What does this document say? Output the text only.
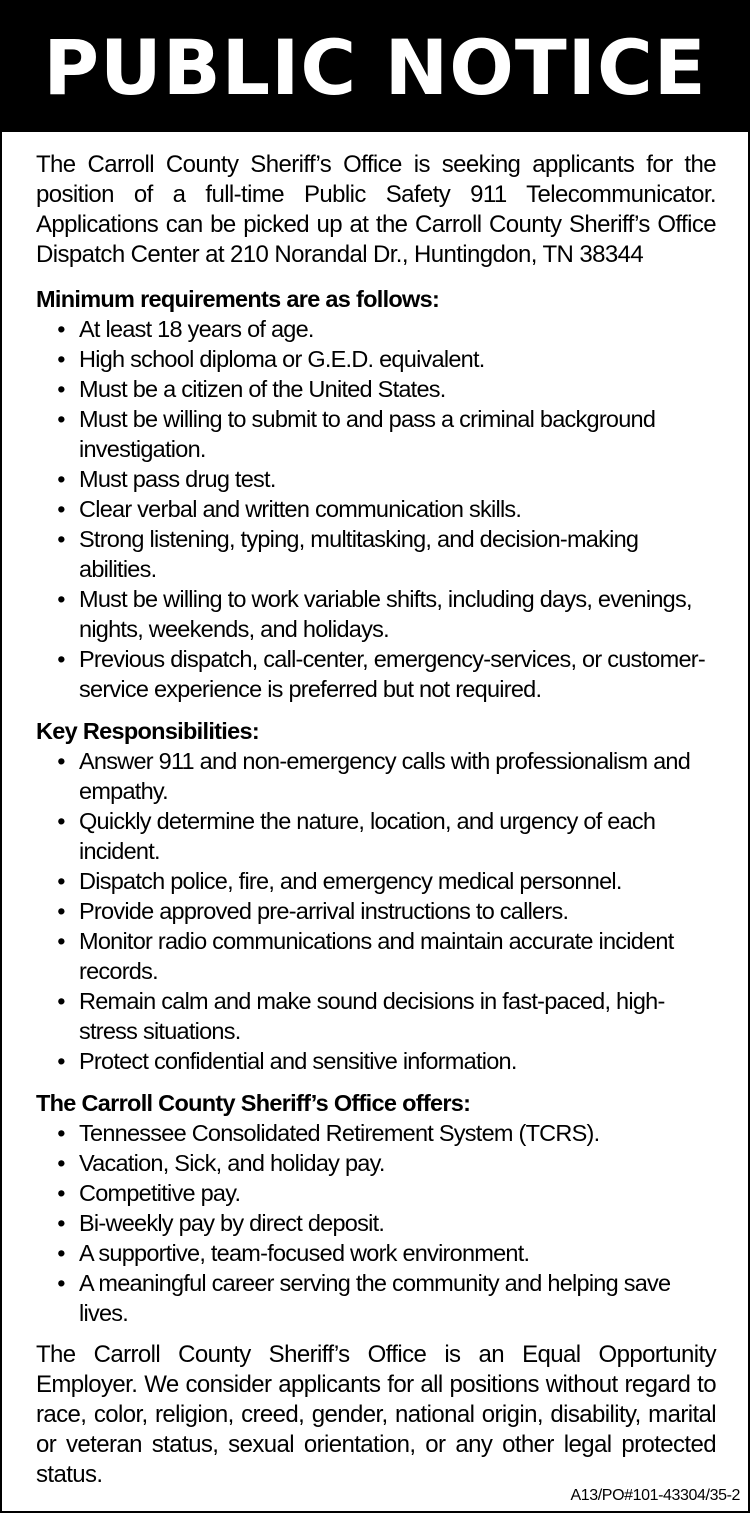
PUBLIC NOTICE

The Carroll County Sheriff’s Office is seeking applicants for the position of a full-time Public Safety 911 Telecommunicator. Applications can be picked up at the Carroll County Sheriff’s Office Dispatch Center at 210 Norandal Dr., Huntingdon, TN 38344

Minimum requirements are as follows:

• At least 18 years of age.
• High school diploma or G.E.D. equivalent.
• Must be a citizen of the United States.
• Must be willing to submit to and pass a criminal background investigation.
• Must pass drug test.
• Clear verbal and written communication skills.
• Strong listening, typing, multitasking, and decision-making abilities.
• Must be willing to work variable shifts, including days, evenings, nights, weekends, and holidays.
• Previous dispatch, call-center, emergency-services, or customer-service experience is preferred but not required.

Key Responsibilities:

• Answer 911 and non-emergency calls with professionalism and empathy.
• Quickly determine the nature, location, and urgency of each incident.
• Dispatch police, fire, and emergency medical personnel.
• Provide approved pre-arrival instructions to callers.
• Monitor radio communications and maintain accurate incident records.
• Remain calm and make sound decisions in fast-paced, high-stress situations.
• Protect confidential and sensitive information.

The Carroll County Sheriff’s Office offers:

• Tennessee Consolidated Retirement System (TCRS).
• Vacation, Sick, and holiday pay.
• Competitive pay.
• Bi-weekly pay by direct deposit.
• A supportive, team-focused work environment.
• A meaningful career serving the community and helping save lives.

The Carroll County Sheriff’s Office is an Equal Opportunity Employer. We consider applicants for all positions without regard to race, color, religion, creed, gender, national origin, disability, marital or veteran status, sexual orientation, or any other legal protected status.

A13/PO#101-43304/35-2
